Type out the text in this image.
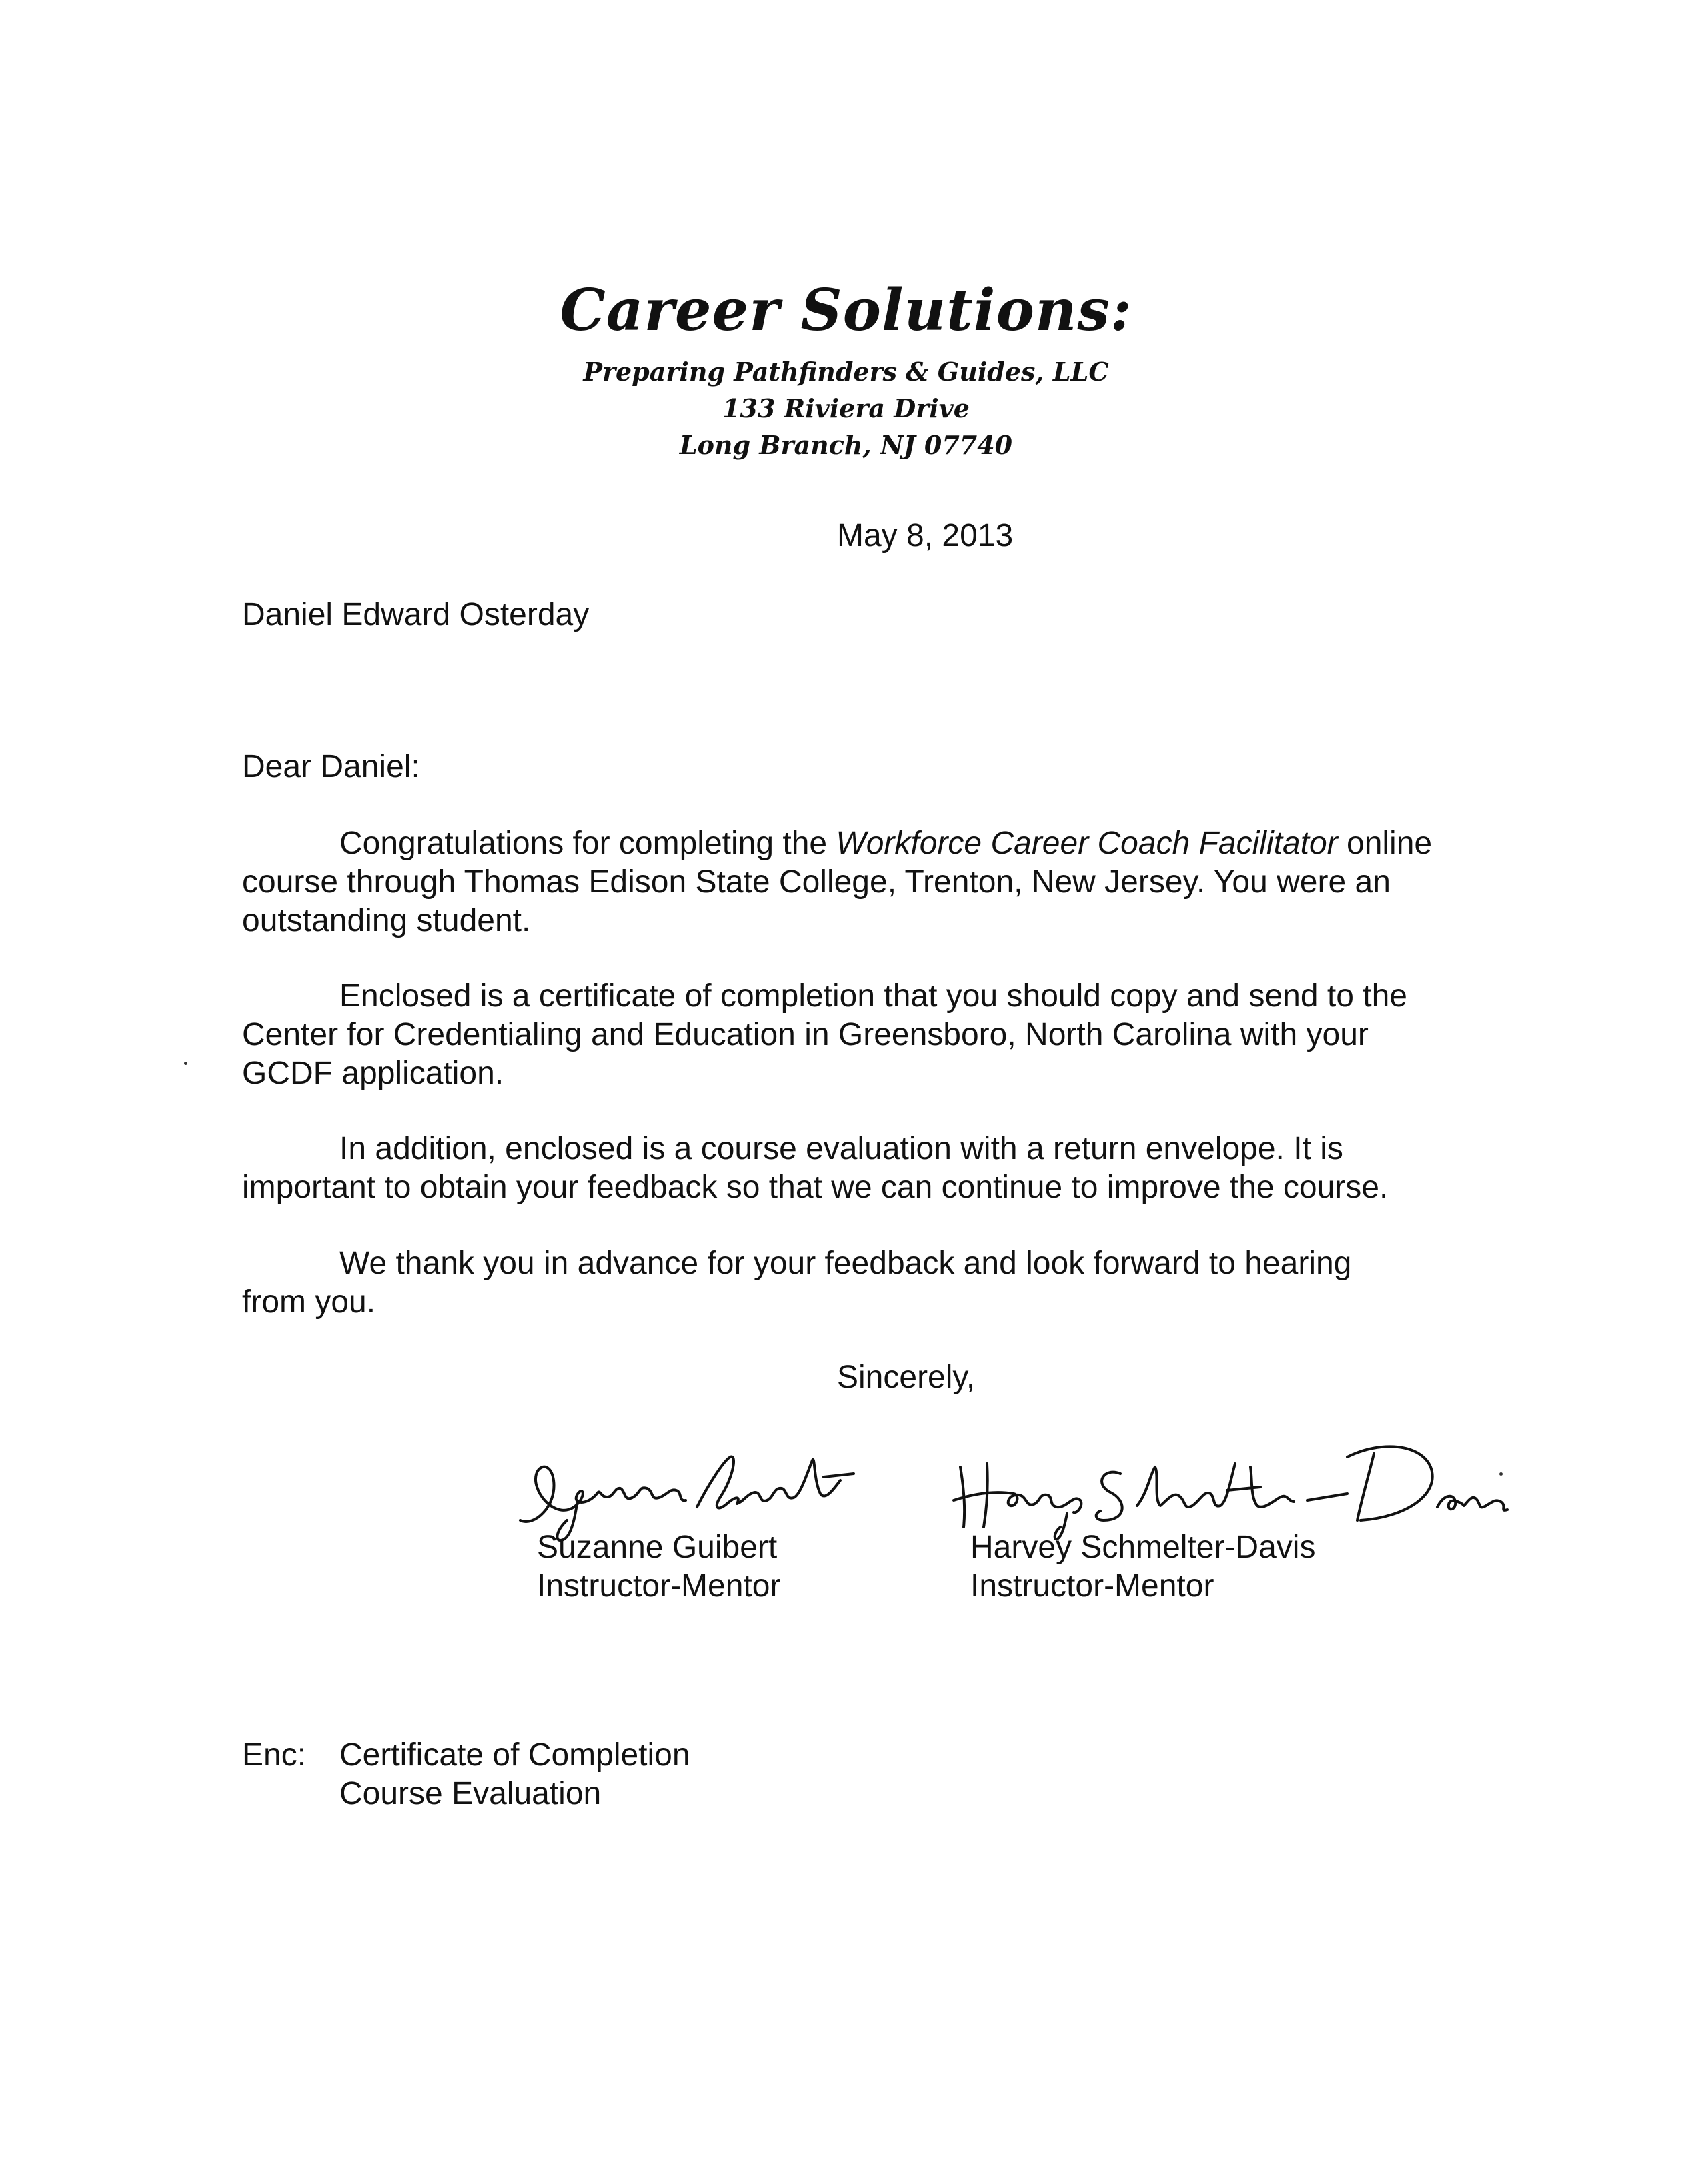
Career Solutions:
Preparing Pathfinders & Guides, LLC
133 Riviera Drive
Long Branch, NJ 07740
May 8, 2013
Daniel Edward Osterday
Dear Daniel:
Congratulations for completing the Workforce Career Coach Facilitator online course through Thomas Edison State College, Trenton, New Jersey. You were an outstanding student.
Enclosed is a certificate of completion that you should copy and send to the Center for Credentialing and Education in Greensboro, North Carolina with your GCDF application.
In addition, enclosed is a course evaluation with a return envelope. It is important to obtain your feedback so that we can continue to improve the course.
We thank you in advance for your feedback and look forward to hearing from you.
Sincerely,
Suzanne Guibert
Instructor-Mentor
Harvey Schmelter-Davis
Instructor-Mentor
Enc: Certificate of Completion
Course Evaluation
